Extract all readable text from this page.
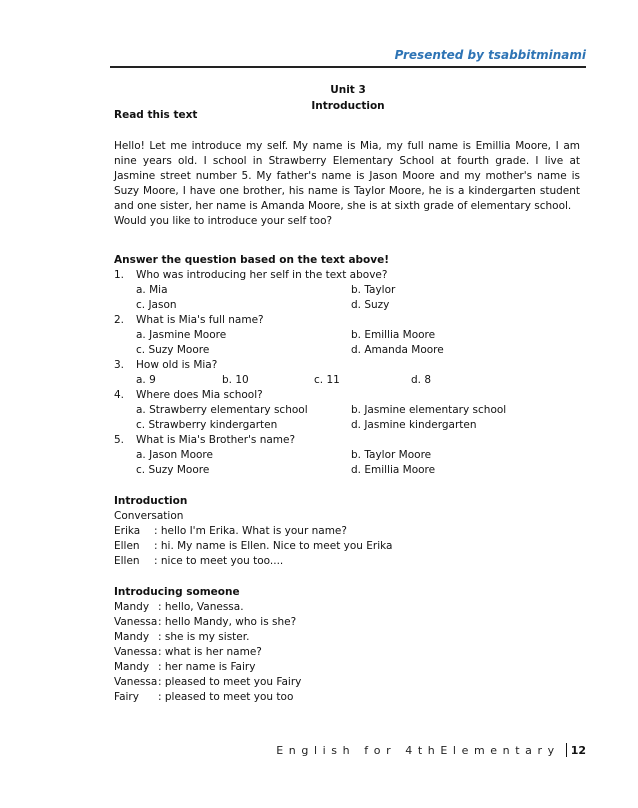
Presented by tsabbitminami
Unit 3
Introduction
Read this text
Hello! Let me introduce my self. My name is Mia, my full name is Emillia Moore, I am nine years old. I school in Strawberry Elementary School at fourth grade. I live at Jasmine street number 5. My father's name is Jason Moore and my mother's name is Suzy Moore, I have one brother, his name is Taylor Moore, he is a kindergarten student and one sister, her name is Amanda Moore, she is at sixth grade of elementary school.
Would you like to introduce your self too?
Answer the question based on the text above!
1.	Who was introducing her self in the text above?
a. Mia	b. Taylor
c. Jason	d. Suzy
2.	What is Mia's full name?
a. Jasmine Moore	b. Emillia Moore
c. Suzy Moore	d. Amanda Moore
3.	How old is Mia?
a. 9	b. 10	c. 11	d. 8
4.	Where does Mia school?
a. Strawberry elementary school	b. Jasmine elementary school
c. Strawberry kindergarten	d. Jasmine kindergarten
5.	What is Mia's Brother's name?
a. Jason Moore	b. Taylor Moore
c. Suzy Moore	d. Emillia Moore
Introduction
Conversation
Erika	: hello I'm Erika. What is your name?
Ellen	: hi. My name is Ellen. Nice to meet you Erika
Ellen	: nice to meet you too....
Introducing someone
Mandy : hello, Vanessa.
Vanessa : hello Mandy, who is she?
Mandy : she is my sister.
Vanessa : what is her name?
Mandy : her name is Fairy
Vanessa : pleased to meet you Fairy
Fairy	: pleased to meet you too
English for 4thElementary 12
